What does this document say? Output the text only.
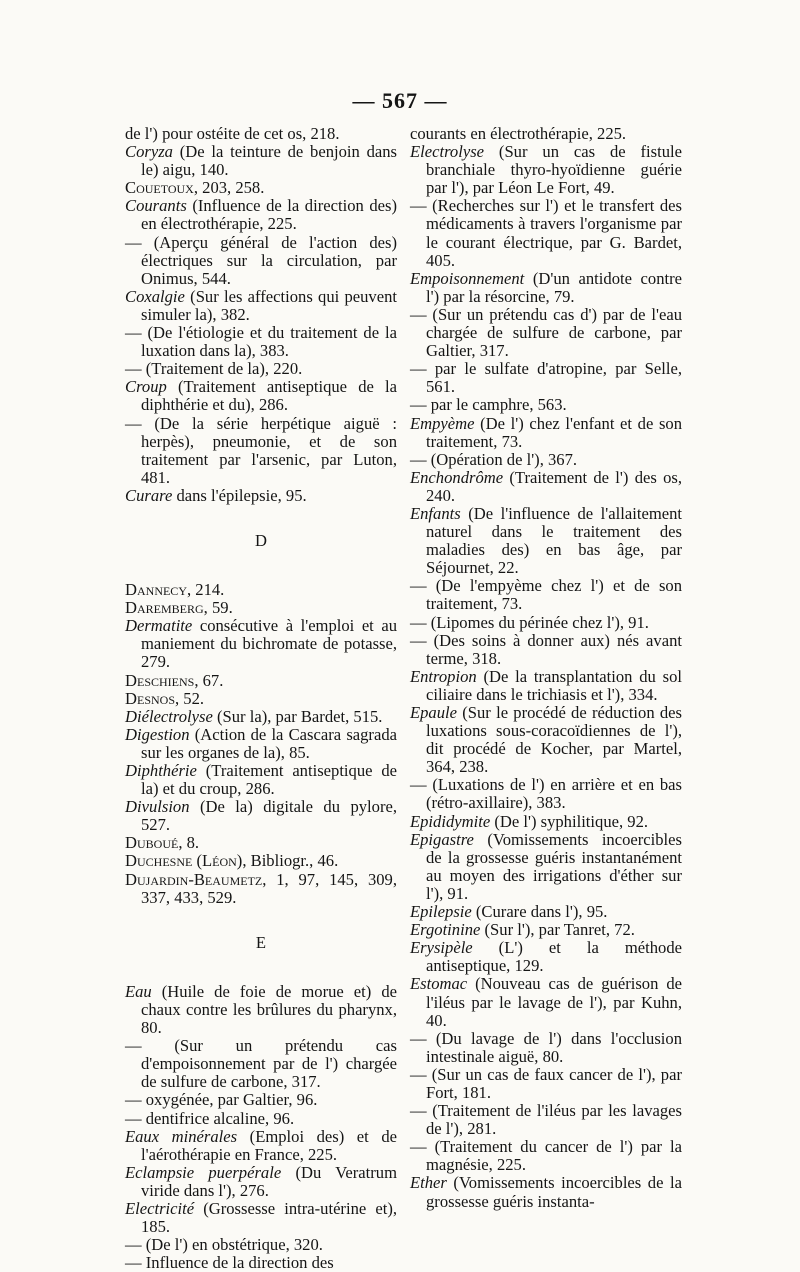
— 567 —

de l') pour ostéite de cet os, 218.

Coryza (De la teinture de benjoin dans le) aigu, 140.

Couetoux, 203, 258.

Courants (Influence de la direction des) en électrothérapie, 225.

— (Aperçu général de l'action des) électriques sur la circulation, par Onimus, 544.

Coxalgie (Sur les affections qui peuvent simuler la), 382.

— (De l'étiologie et du traitement de la luxation dans la), 383.

— (Traitement de la), 220.

Croup (Traitement antiseptique de la diphthérie et du), 286.

— (De la série herpétique aiguë : herpès), pneumonie, et de son traitement par l'arsenic, par Luton, 481.

Curare dans l'épilepsie, 95.

D

Dannecy, 214.

Daremberg, 59.

Dermatite consécutive à l'emploi et au maniement du bichromate de potasse, 279.

Deschiens, 67.

Desnos, 52.

Diélectrolyse (Sur la), par Bardet, 515.

Digestion (Action de la Cascara sagrada sur les organes de la), 85.

Diphthérie (Traitement antiseptique de la) et du croup, 286.

Divulsion (De la) digitale du pylore, 527.

Duboué, 8.

Duchesne (Léon), Bibliogr., 46.

Dujardin-Beaumetz, 1, 97, 145, 309, 337, 433, 529.

E

Eau (Huile de foie de morue et) de chaux contre les brûlures du pharynx, 80.

— (Sur un prétendu cas d'empoisonnement par de l') chargée de sulfure de carbone, 317.

— oxygénée, par Galtier, 96.

— dentifrice alcaline, 96.

Eaux minérales (Emploi des) et de l'aérothérapie en France, 225.

Eclampsie puerpérale (Du Veratrum viride dans l'), 276.

Electricité (Grossesse intra-utérine et), 185.

— (De l') en obstétrique, 320.

— Influence de la direction des

courants en électrothérapie, 225.

Electrolyse (Sur un cas de fistule branchiale thyro-hyoïdienne guérie par l'), par Léon Le Fort, 49.

— (Recherches sur l') et le transfert des médicaments à travers l'organisme par le courant électrique, par G. Bardet, 405.

Empoisonnement (D'un antidote contre l') par la résorcine, 79.

— (Sur un prétendu cas d') par de l'eau chargée de sulfure de carbone, par Galtier, 317.

— par le sulfate d'atropine, par Selle, 561.

— par le camphre, 563.

Empyème (De l') chez l'enfant et de son traitement, 73.

— (Opération de l'), 367.

Enchondrôme (Traitement de l') des os, 240.

Enfants (De l'influence de l'allaitement naturel dans le traitement des maladies des) en bas âge, par Séjournet, 22.

— (De l'empyème chez l') et de son traitement, 73.

— (Lipomes du périnée chez l'), 91.

— (Des soins à donner aux) nés avant terme, 318.

Entropion (De la transplantation du sol ciliaire dans le trichiasis et l'), 334.

Epaule (Sur le procédé de réduction des luxations sous-coracoïdiennes de l'), dit procédé de Kocher, par Martel, 364, 238.

— (Luxations de l') en arrière et en bas (rétro-axillaire), 383.

Epididymite (De l') syphilitique, 92.

Epigastre (Vomissements incoercibles de la grossesse guéris instantanément au moyen des irrigations d'éther sur l'), 91.

Epilepsie (Curare dans l'), 95.

Ergotinine (Sur l'), par Tanret, 72.

Erysipèle (L') et la méthode antiseptique, 129.

Estomac (Nouveau cas de guérison de l'iléus par le lavage de l'), par Kuhn, 40.

— (Du lavage de l') dans l'occlusion intestinale aiguë, 80.

— (Sur un cas de faux cancer de l'), par Fort, 181.

— (Traitement de l'iléus par les lavages de l'), 281.

— (Traitement du cancer de l') par la magnésie, 225.

Ether (Vomissements incoercibles de la grossesse guéris instanta-
